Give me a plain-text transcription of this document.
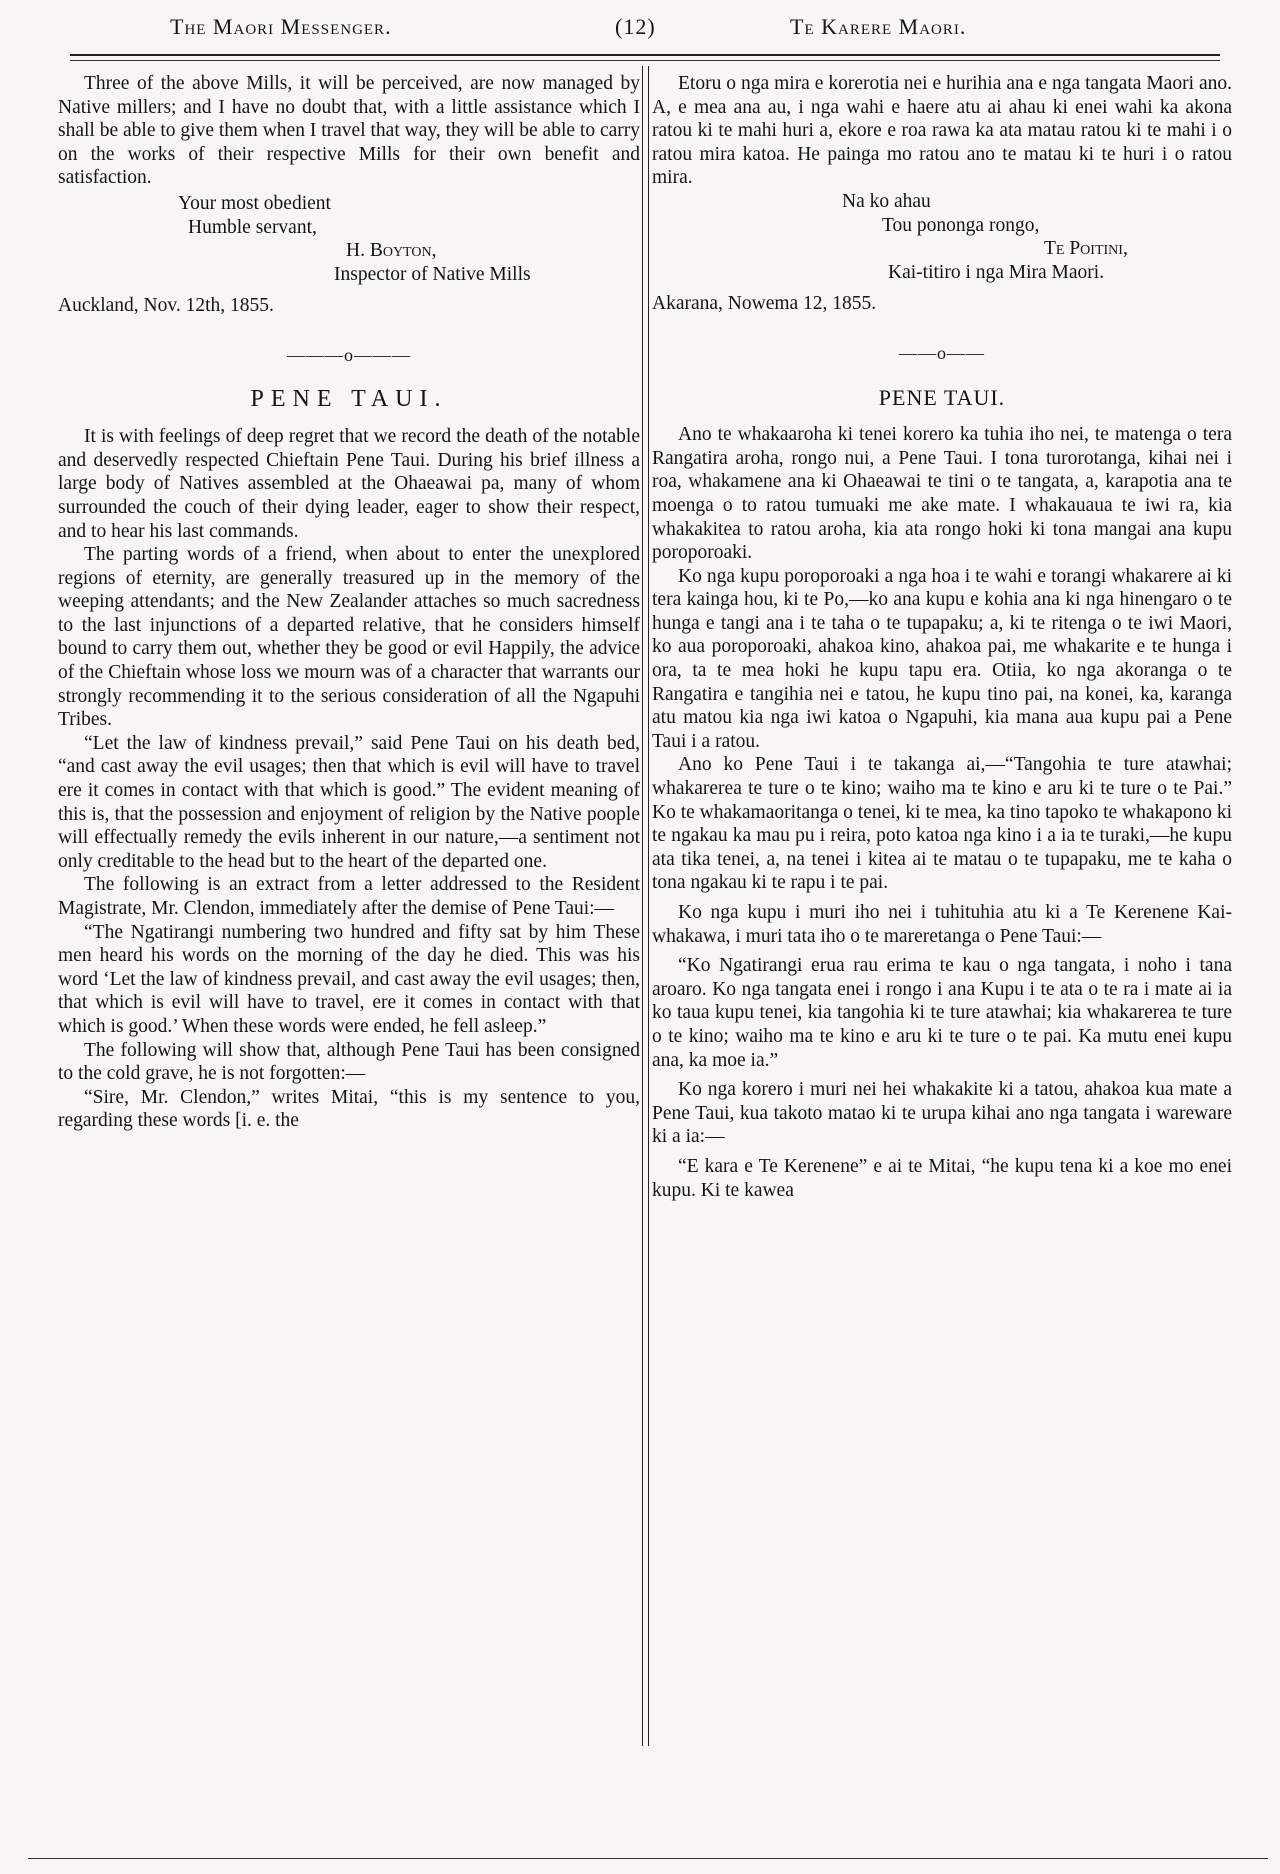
The Maori Messenger.	(12)	Te Karere Maori.

Three of the above Mills, it will be perceived, are now managed by Native millers; and I have no doubt that, with a little assistance which I shall be able to give them when I travel that way, they will be able to carry on the works of their respective Mills for their own benefit and satisfaction.

Your most obedient

Humble servant,

H. Boyton,

Inspector of Native Mills

Auckland, Nov. 12th, 1855.

———o———
PENE TAUI.

It is with feelings of deep regret that we record the death of the notable and deservedly respected Chieftain Pene Taui. During his brief illness a large body of Natives assembled at the Ohaeawai pa, many of whom surrounded the couch of their dying leader, eager to show their respect, and to hear his last commands.

The parting words of a friend, when about to enter the unexplored regions of eternity, are generally treasured up in the memory of the weeping attendants; and the New Zealander attaches so much sacredness to the last injunctions of a departed relative, that he considers himself bound to carry them out, whether they be good or evil Happily, the advice of the Chieftain whose loss we mourn was of a character that warrants our strongly recommending it to the serious consideration of all the Ngapuhi Tribes.

“Let the law of kindness prevail,” said Pene Taui on his death bed, “and cast away the evil usages; then that which is evil will have to travel ere it comes in contact with that which is good.” The evident meaning of this is, that the possession and enjoyment of religion by the Native poople will effectually remedy the evils inherent in our nature,—a sentiment not only creditable to the head but to the heart of the departed one.

The following is an extract from a letter addressed to the Resident Magistrate, Mr. Clendon, immediately after the demise of Pene Taui:—

“The Ngatirangi numbering two hundred and fifty sat by him These men heard his words on the morning of the day he died. This was his word ‘Let the law of kindness prevail, and cast away the evil usages; then, that which is evil will have to travel, ere it comes in contact with that which is good.’ When these words were ended, he fell asleep.”

The following will show that, although Pene Taui has been consigned to the cold grave, he is not forgotten:—

“Sire, Mr. Clendon,” writes Mitai, “this is my sentence to you, regarding these words [i. e. the

Etoru o nga mira e korerotia nei e hurihia ana e nga tangata Maori ano. A, e mea ana au, i nga wahi e haere atu ai ahau ki enei wahi ka akona ratou ki te mahi huri a, ekore e roa rawa ka ata matau ratou ki te mahi i o ratou mira katoa. He painga mo ratou ano te matau ki te huri i o ratou mira.

Na ko ahau

Tou pononga rongo,

Te Poitini,

Kai-titiro i nga Mira Maori.

Akarana, Nowema 12, 1855.

——o——
PENE TAUI.

Ano te whakaaroha ki tenei korero ka tuhia iho nei, te matenga o tera Rangatira aroha, rongo nui, a Pene Taui. I tona turorotanga, kihai nei i roa, whakamene ana ki Ohaeawai te tini o te tangata, a, karapotia ana te moenga o to ratou tumuaki me ake mate. I whakauaua te iwi ra, kia whakakitea to ratou aroha, kia ata rongo hoki ki tona mangai ana kupu poroporoaki.

Ko nga kupu poroporoaki a nga hoa i te wahi e torangi whakarere ai ki tera kainga hou, ki te Po,—ko ana kupu e kohia ana ki nga hinengaro o te hunga e tangi ana i te taha o te tupapaku; a, ki te ritenga o te iwi Maori, ko aua poroporoaki, ahakoa kino, ahakoa pai, me whakarite e te hunga i ora, ta te mea hoki he kupu tapu era. Otiia, ko nga akoranga o te Rangatira e tangihia nei e tatou, he kupu tino pai, na konei, ka, karanga atu matou kia nga iwi katoa o Ngapuhi, kia mana aua kupu pai a Pene Taui i a ratou.

Ano ko Pene Taui i te takanga ai,—“Tangohia te ture atawhai; whakarerea te ture o te kino; waiho ma te kino e aru ki te ture o te Pai.” Ko te whakamaoritanga o tenei, ki te mea, ka tino tapoko te whakapono ki te ngakau ka mau pu i reira, poto katoa nga kino i a ia te turaki,—he kupu ata tika tenei, a, na tenei i kitea ai te matau o te tupapaku, me te kaha o tona ngakau ki te rapu i te pai.

Ko nga kupu i muri iho nei i tuhituhia atu ki a Te Kerenene Kai-whakawa, i muri tata iho o te mareretanga o Pene Taui:—

“Ko Ngatirangi erua rau erima te kau o nga tangata, i noho i tana aroaro. Ko nga tangata enei i rongo i ana Kupu i te ata o te ra i mate ai ia ko taua kupu tenei, kia tangohia ki te ture atawhai; kia whakarerea te ture o te kino; waiho ma te kino e aru ki te ture o te pai. Ka mutu enei kupu ana, ka moe ia.”

Ko nga korero i muri nei hei whakakite ki a tatou, ahakoa kua mate a Pene Taui, kua takoto matao ki te urupa kihai ano nga tangata i wareware ki a ia:—

“E kara e Te Kerenene” e ai te Mitai, “he kupu tena ki a koe mo enei kupu. Ki te kawea
